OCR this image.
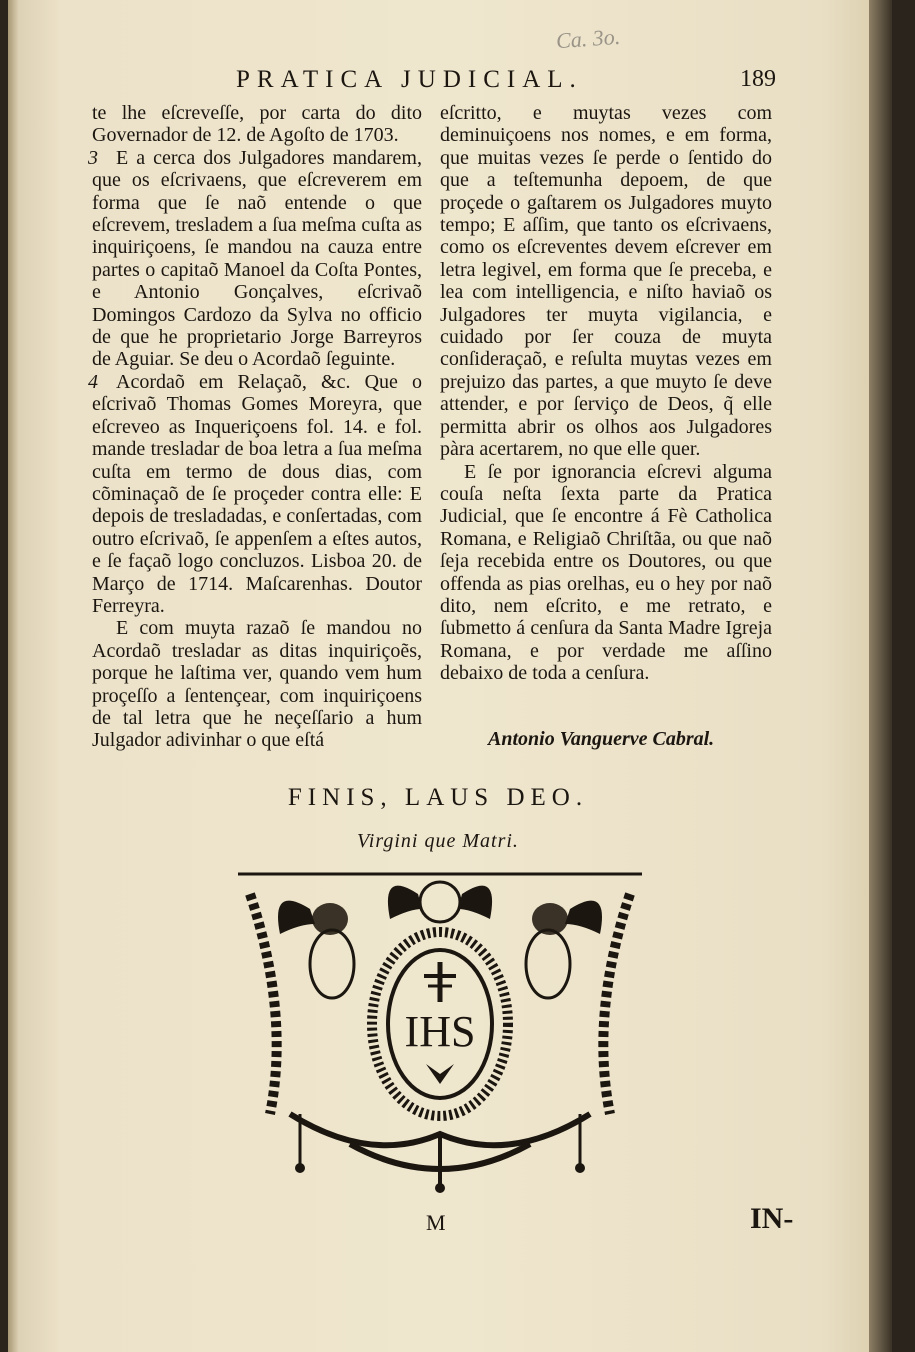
Ca. 3o.
PRATICA JUDICIAL.	189

te lhe eſcreveſſe, por carta do dito Governador de 12. de Agoſto de 1703.

3 E a cerca dos Julgadores mandarem, que os eſcrivaens, que eſcreverem em forma que ſe naõ entende o que eſcrevem, tresladem a ſua meſma cuſta as inquiriçoens, ſe mandou na cauza entre partes o capitaõ Manoel da Coſta Pontes, e Antonio Gonçalves, eſcrivaõ Domingos Cardozo da Sylva no officio de que he proprietario Jorge Barreyros de Aguiar. Se deu o Acordaõ ſeguinte.

4 Acordaõ em Relaçaõ, &c. Que o eſcrivaõ Thomas Gomes Moreyra, que eſcreveo as Inqueriçoens fol. 14. e fol. mande tresladar de boa letra a ſua meſma cuſta em termo de dous dias, com cõminaçaõ de ſe proçeder contra elle: E depois de tresladadas, e conſertadas, com outro eſcrivaõ, ſe appenſem a eſtes autos, e ſe façaõ logo concluzos. Lisboa 20. de Março de 1714. Maſcarenhas. Doutor Ferreyra.

E com muyta razaõ ſe mandou no Acordaõ tresladar as ditas inquiriçoẽs, porque he laſtima ver, quando vem hum proçeſſo a ſentençear, com inquiriçoens de tal letra que he neçeſſario a hum Julgador adivinhar o que eſtá

eſcritto, e muytas vezes com deminuiçoens nos nomes, e em forma, que muitas vezes ſe perde o ſentido do que a teſtemunha depoem, de que proçede o gaſtarem os Julgadores muyto tempo; E aſſim, que tanto os eſcrivaens, como os eſcreventes devem eſcrever em letra legivel, em forma que ſe preceba, e lea com intelligencia, e niſto haviaõ os Julgadores ter muyta vigilancia, e cuidado por ſer couza de muyta conſideraçaõ, e reſulta muytas vezes em prejuizo das partes, a que muyto ſe deve attender, e por ſerviço de Deos, q̃ elle permitta abrir os olhos aos Julgadores pàra acertarem, no que elle quer.

E ſe por ignorancia eſcrevi alguma couſa neſta ſexta parte da Pratica Judicial, que ſe encontre á Fè Catholica Romana, e Religiaõ Chriſtãa, ou que naõ ſeja recebida entre os Doutores, ou que offenda as pias orelhas, eu o hey por naõ dito, nem eſcrito, e me retrato, e ſubmetto á cenſura da Santa Madre Igreja Romana, e por verdade me aſſino debaixo de toda a cenſura.

Antonio Vanguerve Cabral.
FINIS, LAUS DEO.
Virgini que Matri.
IHS
M	IN-
